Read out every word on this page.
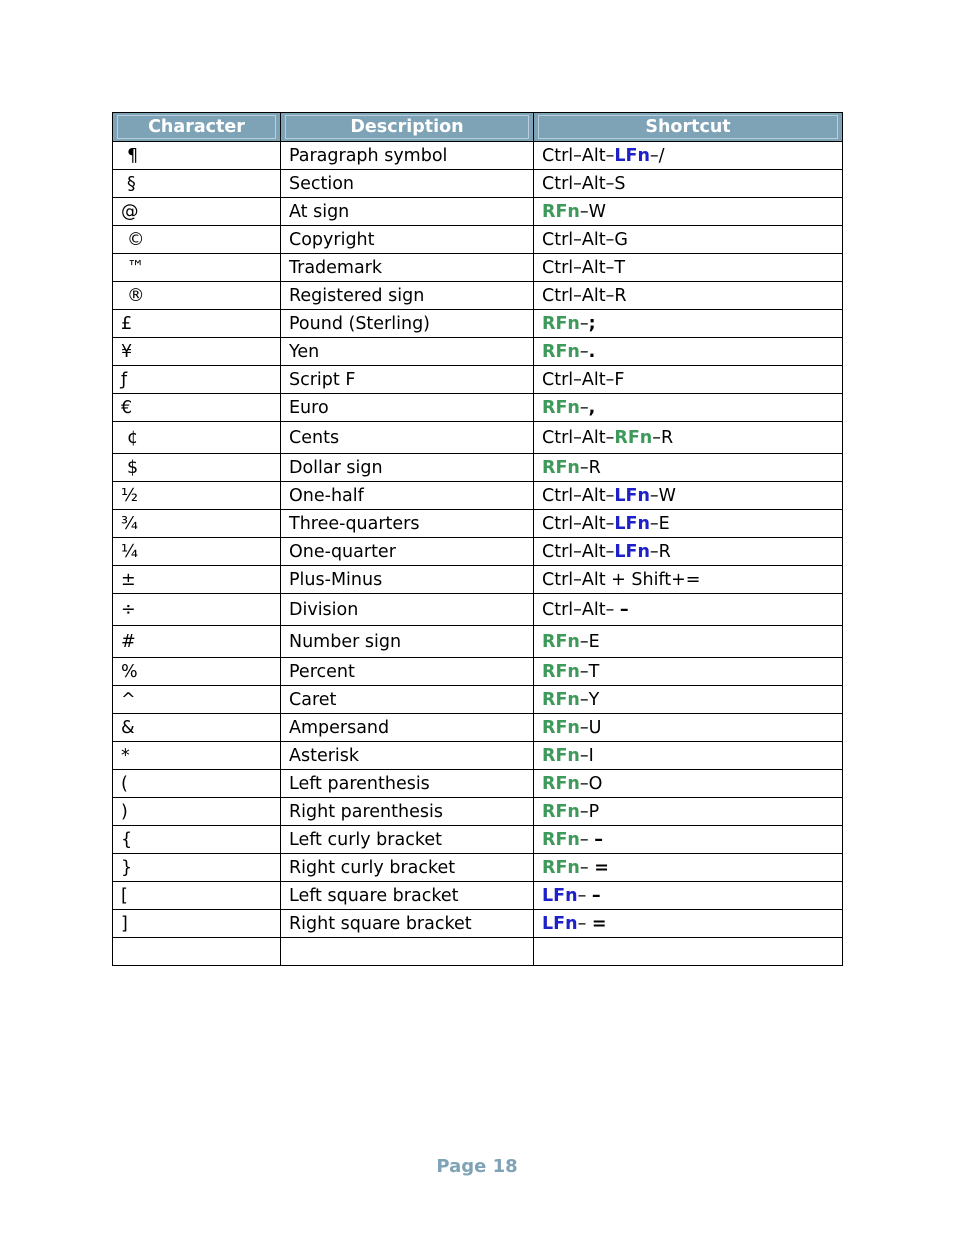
Character	Description	Shortcut

¶	Paragraph symbol	Ctrl–Alt–LFn–/
§	Section	Ctrl–Alt–S
@	At sign	RFn–W
©	Copyright	Ctrl–Alt–G
™	Trademark	Ctrl–Alt–T
®	Registered sign	Ctrl–Alt–R
£	Pound (Sterling)	RFn–;
¥	Yen	RFn–.
ƒ	Script F	Ctrl–Alt–F
€	Euro	RFn–,
¢	Cents	Ctrl–Alt–RFn–R
$	Dollar sign	RFn–R
½	One-half	Ctrl–Alt–LFn–W
¾	Three-quarters	Ctrl–Alt–LFn–E
¼	One-quarter	Ctrl–Alt–LFn–R
±	Plus-Minus	Ctrl–Alt + Shift+=
÷	Division	Ctrl–Alt– –
#	Number sign	RFn–E
%	Percent	RFn–T
^	Caret	RFn–Y
&	Ampersand	RFn–U
*	Asterisk	RFn–I
(	Left parenthesis	RFn–O
)	Right parenthesis	RFn–P
{	Left curly bracket	RFn– –
}	Right curly bracket	RFn– =
[	Left square bracket	LFn– –
]	Right square bracket	LFn– =

Page 18
